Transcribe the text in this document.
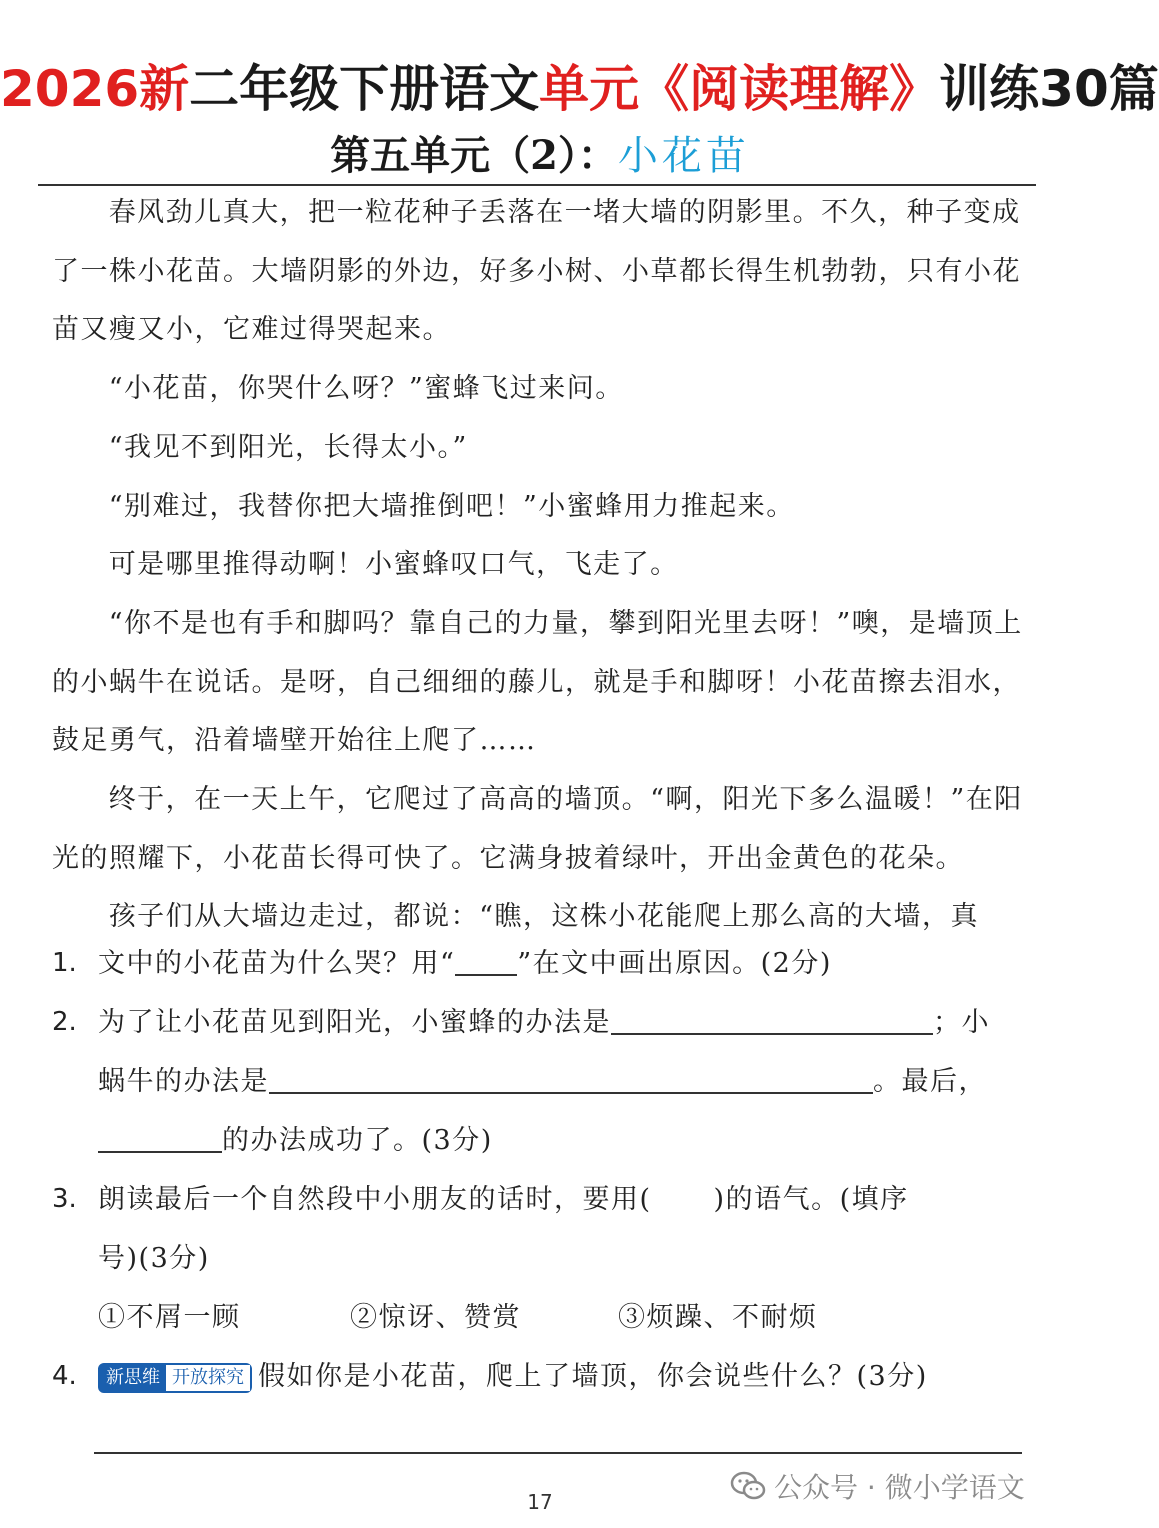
2026新二年级下册语文单元《阅读理解》训练30篇
第五单元（2）：小花苗

春风劲儿真大，把一粒花种子丢落在一堵大墙的阴影里。不久，种子变成了一株小花苗。大墙阴影的外边，好多小树、小草都长得生机勃勃，只有小花苗又瘦又小，它难过得哭起来。

“小花苗，你哭什么呀？”蜜蜂飞过来问。

“我见不到阳光，长得太小。”

“别难过，我替你把大墙推倒吧！”小蜜蜂用力推起来。

可是哪里推得动啊！小蜜蜂叹口气，飞走了。

“你不是也有手和脚吗？靠自己的力量，攀到阳光里去呀！”噢，是墙顶上的小蜗牛在说话。是呀，自己细细的藤儿，就是手和脚呀！小花苗擦去泪水，鼓足勇气，沿着墙壁开始往上爬了……

终于，在一天上午，它爬过了高高的墙顶。“啊，阳光下多么温暖！”在阳光的照耀下，小花苗长得可快了。它满身披着绿叶，开出金黄色的花朵。

孩子们从大墙边走过，都说：“瞧，这株小花能爬上那么高的大墙，真

1. 文中的小花苗为什么哭？用“ ”在文中画出原因。(2分)
2. 为了让小花苗见到阳光，小蜜蜂的办法是	；小
蜗牛的办法是	。最后，
的办法成功了。(3分)
3. 朗读最后一个自然段中小朋友的话时，要用( )的语气。(填序
号)(3分)
①不屑一顾	②惊讶、赞赏	③烦躁、不耐烦
4.	新思维 开放探究 假如你是小花苗，爬上了墙顶，你会说些什么？(3分)
公众号 · 微小学语文
17
